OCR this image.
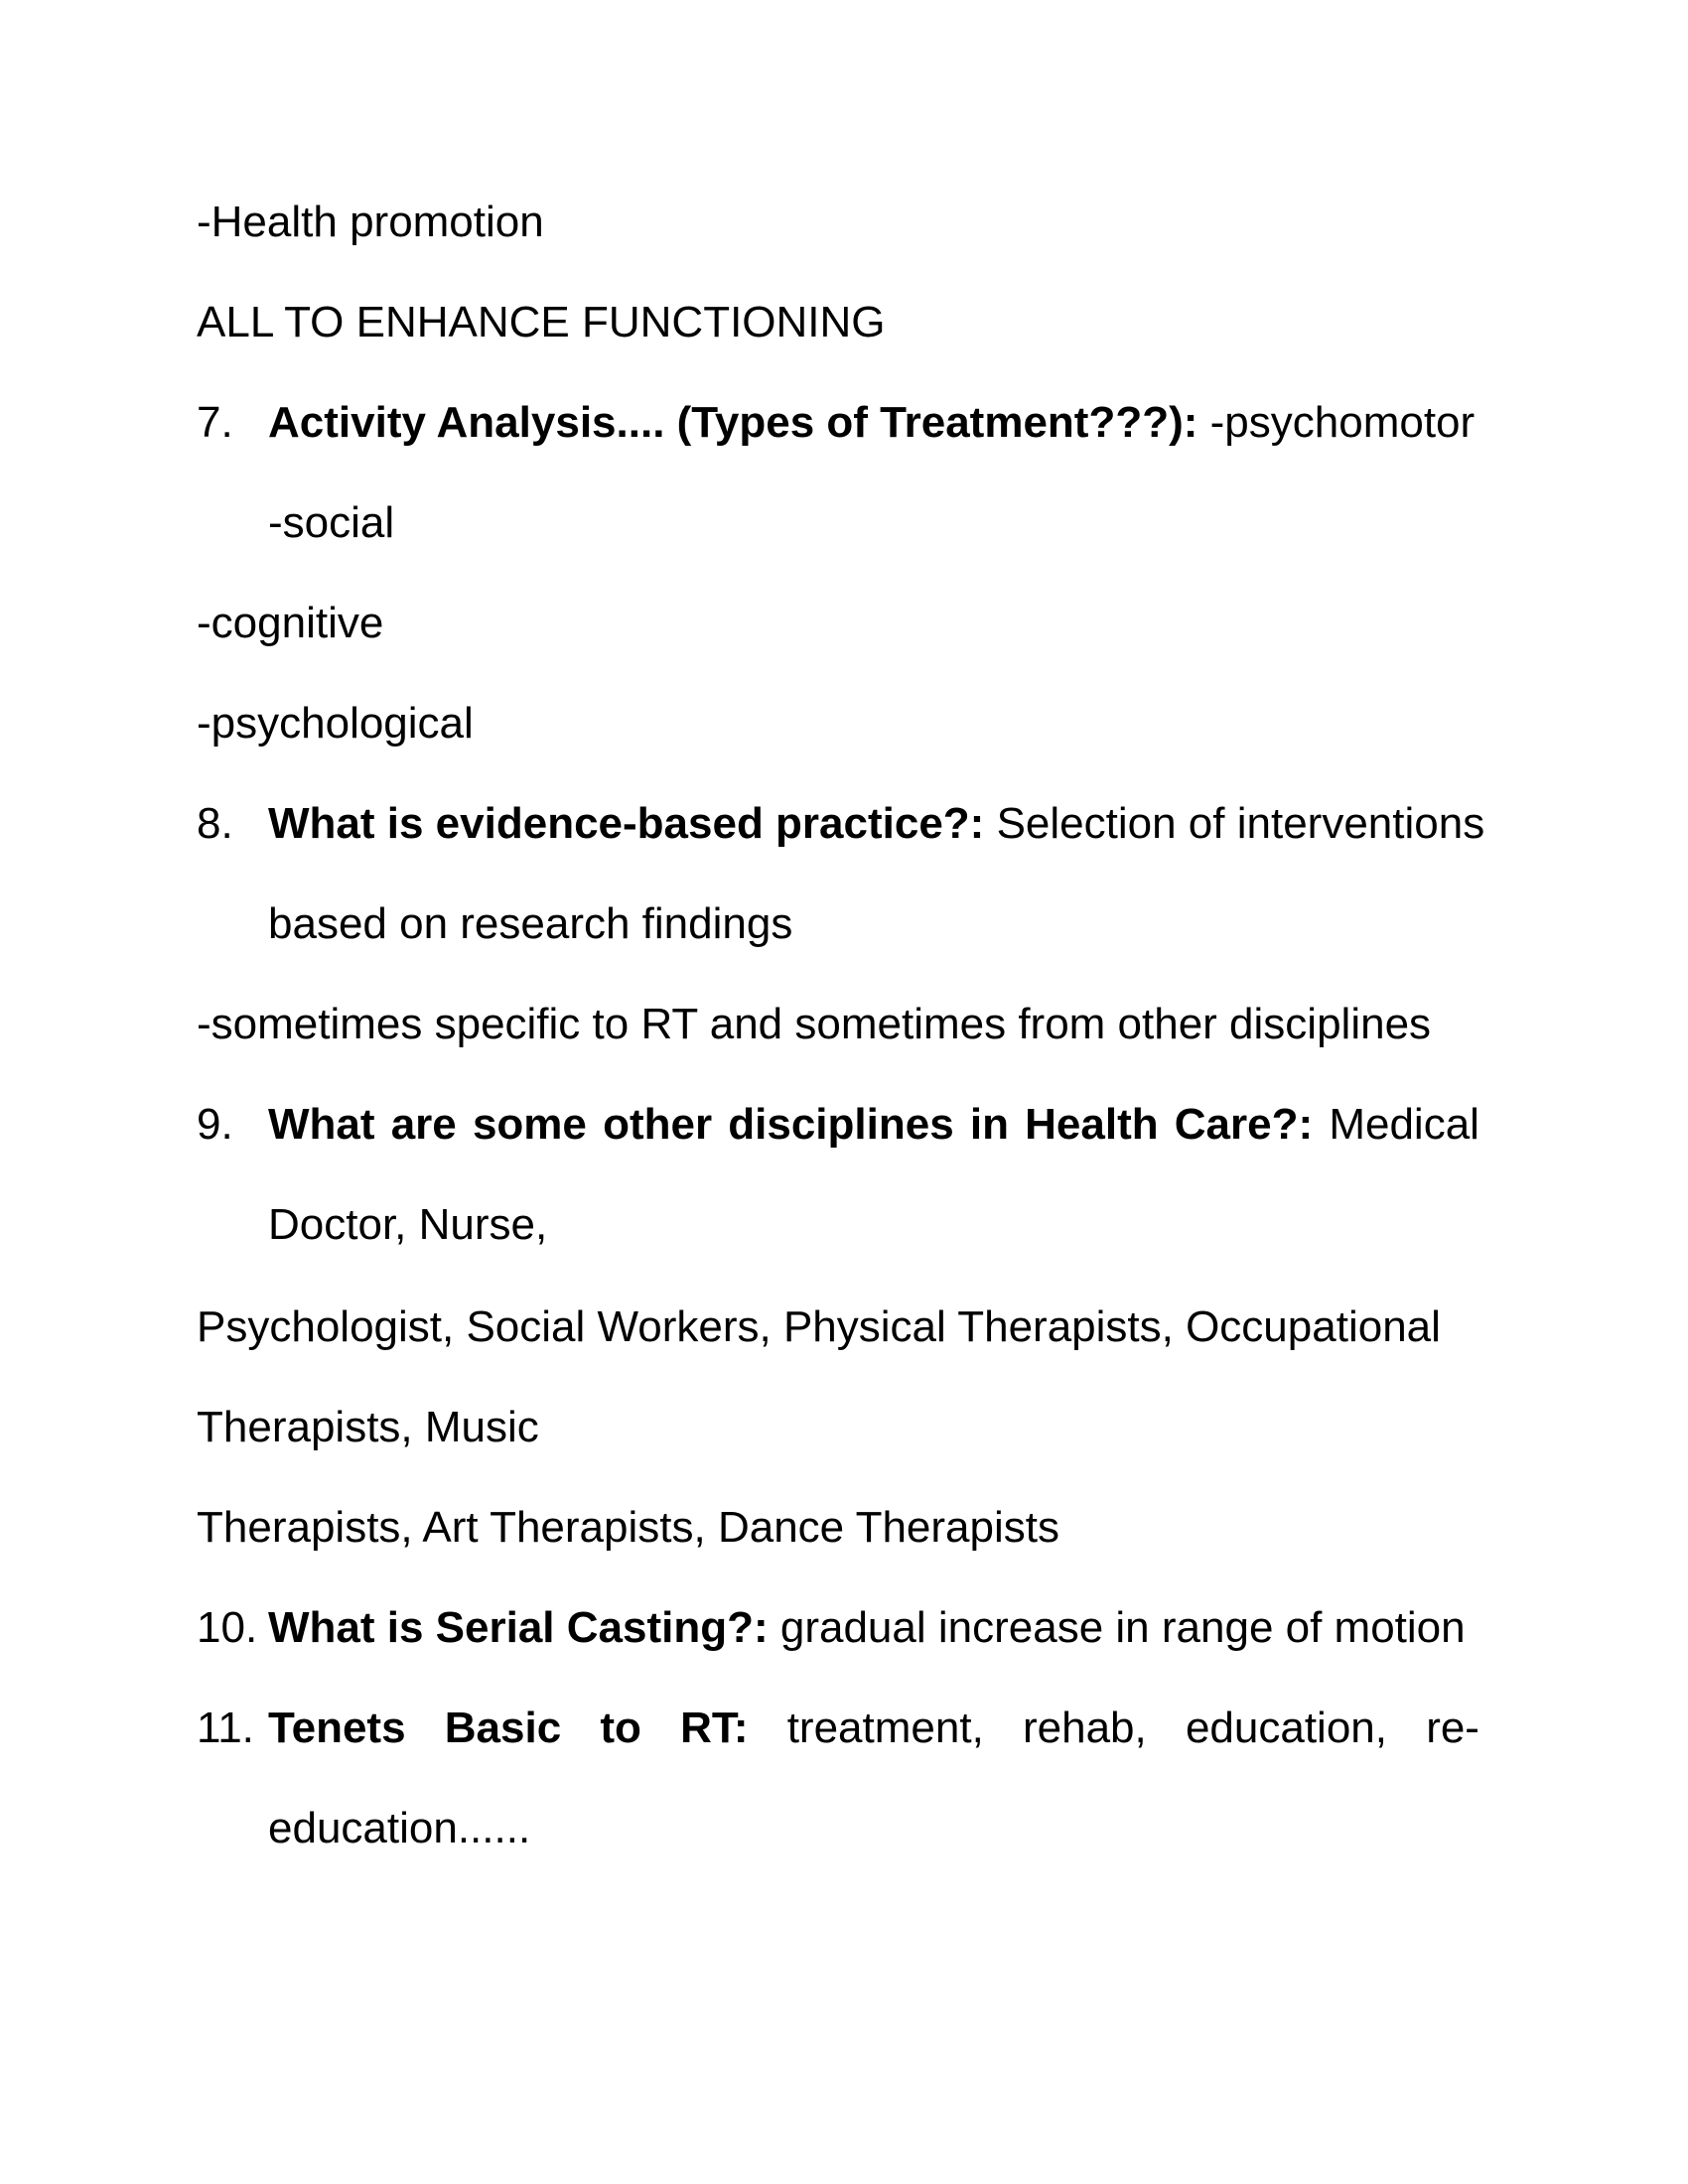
-Health promotion
ALL TO ENHANCE FUNCTIONING
7. Activity Analysis.... (Types of Treatment???): -psychomotor
-social
-cognitive
-psychological
8. What is evidence-based practice?: Selection of interventions
based on research findings
-sometimes specific to RT and sometimes from other disciplines
9. What are some other disciplines in Health Care?: Medical
Doctor, Nurse,
Psychologist, Social Workers, Physical Therapists, Occupational
Therapists, Music
Therapists, Art Therapists, Dance Therapists
10. What is Serial Casting?: gradual increase in range of motion
11. Tenets Basic to RT: treatment, rehab, education, re-
education......
